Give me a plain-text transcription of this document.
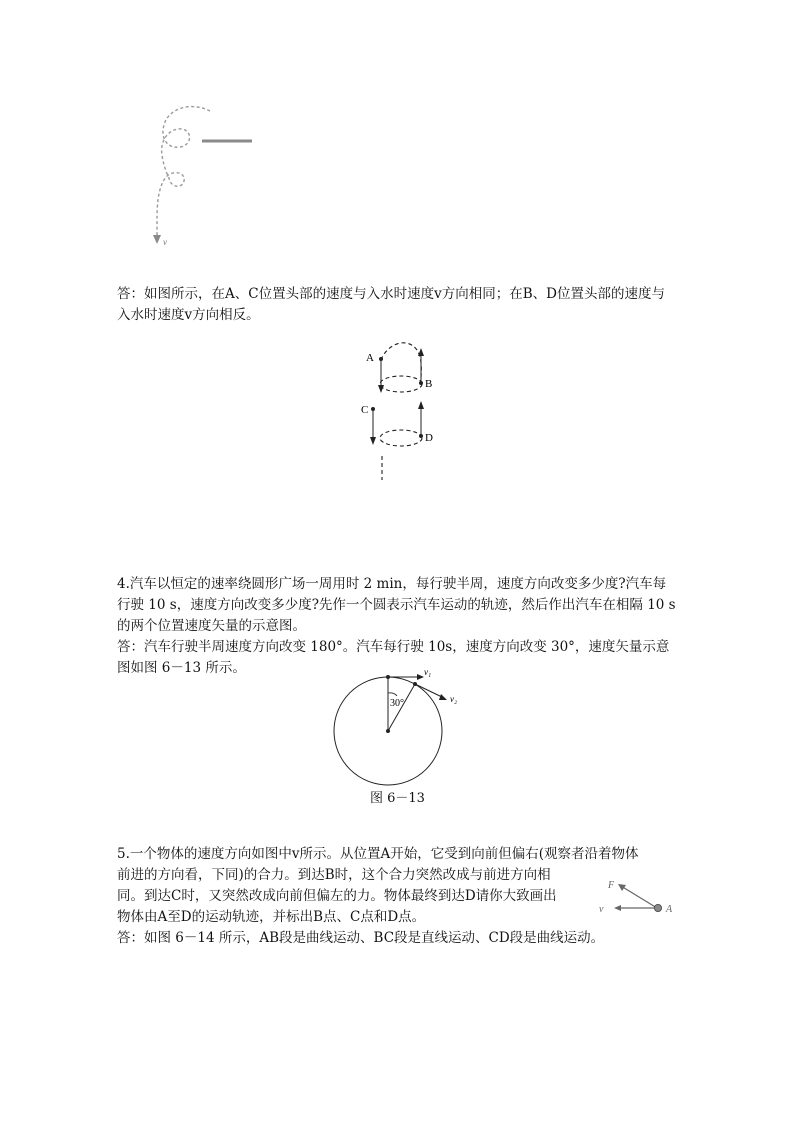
v

答：如图所示，在A、C位置头部的速度与入水时速度v方向相同；在B、D位置头部的速度与入水时速度v方向相反。

A
B
C
D

4.汽车以恒定的速率绕圆形广场一周用时 2 min，每行驶半周，速度方向改变多少度?汽车每行驶 10 s，速度方向改变多少度?先作一个圆表示汽车运动的轨迹，然后作出汽车在相隔 10 s的两个位置速度矢量的示意图。

答：汽车行驶半周速度方向改变 180°。汽车每行驶 10s，速度方向改变 30°，速度矢量示意图如图 6－13 所示。

30°
v₁
v₂
图 6－13

5.一个物体的速度方向如图中v所示。从位置A开始，它受到向前但偏右(观察者沿着物体

前进的方向看，下同)的合力。到达B时，这个合力突然改成与前进方向相

同。到达C时，又突然改成向前但偏左的力。物体最终到达D请你大致画出

物体由A至D的运动轨迹，并标出B点、C点和D点。

答：如图 6－14 所示，AB段是曲线运动、BC段是直线运动、CD段是曲线运动。

F
v	A
